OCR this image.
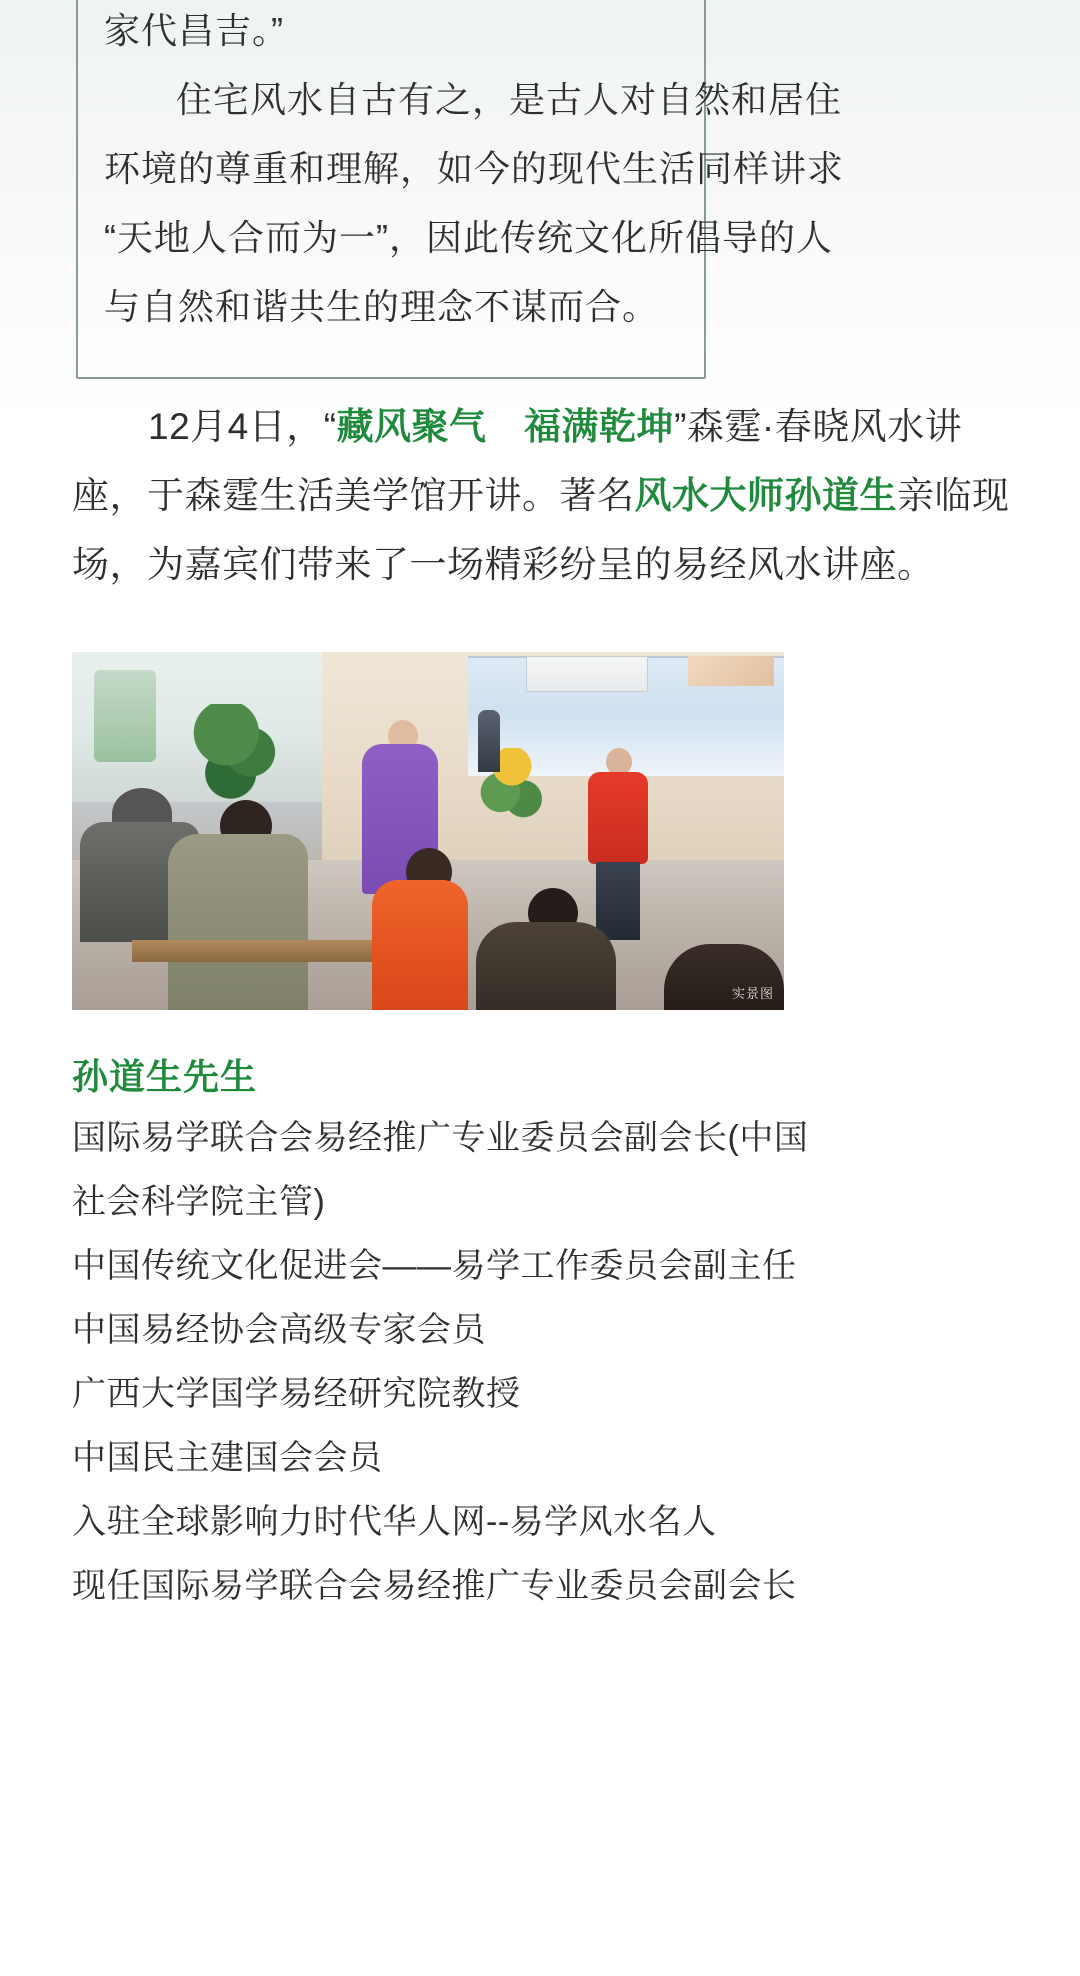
家代昌吉。”
住宅风水自古有之，是古人对自然和居住
环境的尊重和理解，如今的现代生活同样讲求
“天地人合而为一”，因此传统文化所倡导的人
与自然和谐共生的理念不谋而合。
12月4日，“藏风聚气　福满乾坤”森霆·春晓风水讲座，于森霆生活美学馆开讲。著名风水大师孙道生亲临现场，为嘉宾们带来了一场精彩纷呈的易经风水讲座。
实景图
孙道生先生
国际易学联合会易经推广专业委员会副会长(中国
社会科学院主管)
中国传统文化促进会——易学工作委员会副主任
中国易经协会高级专家会员
广西大学国学易经研究院教授
中国民主建国会会员
入驻全球影响力时代华人网--易学风水名人
现任国际易学联合会易经推广专业委员会副会长
